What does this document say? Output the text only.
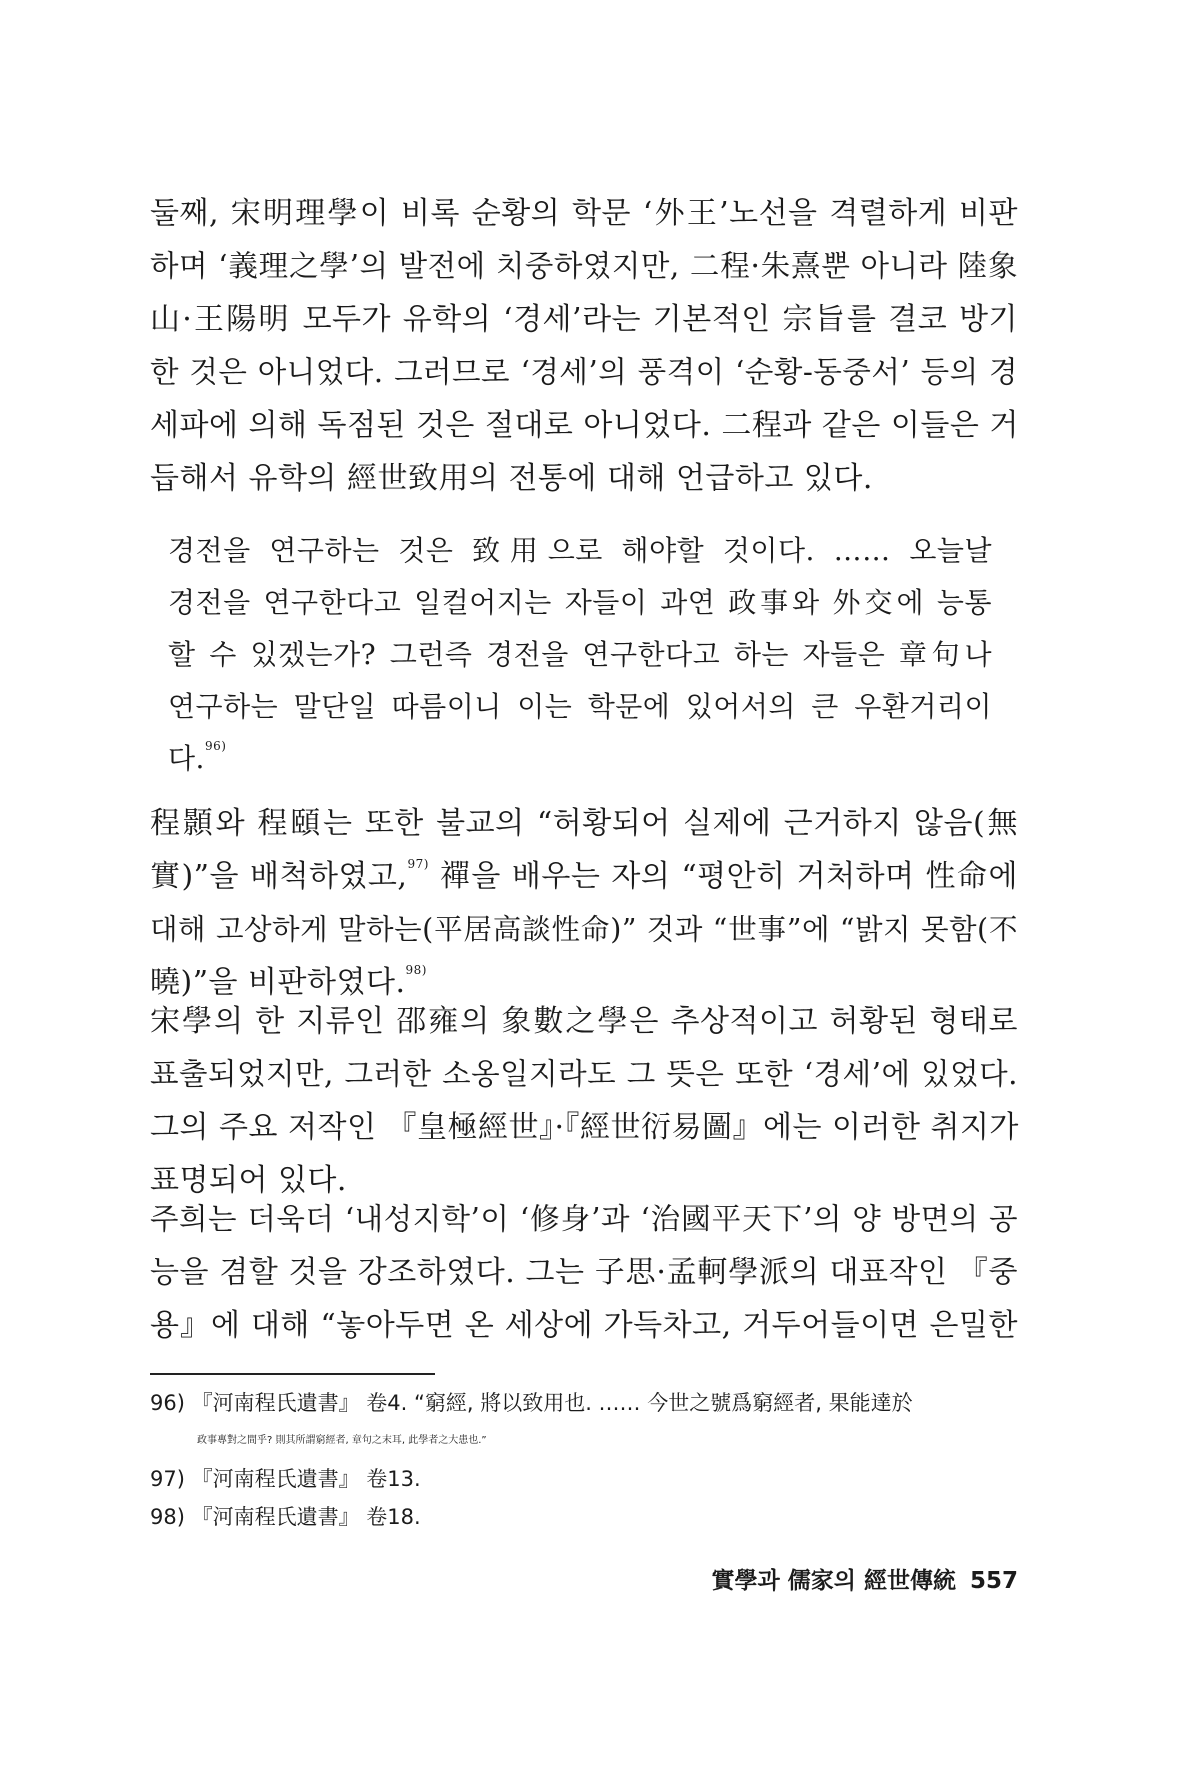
둘째, 宋明理學이 비록 순황의 학문 ‘外王’노선을 격렬하게 비판
하며 ‘義理之學’의 발전에 치중하였지만, 二程·朱熹뿐 아니라 陸象
山·王陽明 모두가 유학의 ‘경세’라는 기본적인 宗旨를 결코 방기
한 것은 아니었다. 그러므로 ‘경세’의 풍격이 ‘순황-동중서’ 등의 경
세파에 의해 독점된 것은 절대로 아니었다. 二程과 같은 이들은 거
듭해서 유학의 經世致用의 전통에 대해 언급하고 있다.
경전을 연구하는 것은 致用으로 해야할 것이다. …… 오늘날
경전을 연구한다고 일컬어지는 자들이 과연 政事와 外交에 능통
할 수 있겠는가? 그런즉 경전을 연구한다고 하는 자들은 章句나
연구하는 말단일 따름이니 이는 학문에 있어서의 큰 우환거리이
다.$^{96)}$
程顥와 程頤는 또한 불교의 “허황되어 실제에 근거하지 않음(無
實)”을 배척하였고,$^{97)}$ 禪을 배우는 자의 “평안히 거처하며 性命에
대해 고상하게 말하는(平居高談性命)” 것과 “世事”에 “밝지 못함(不
曉)”을 비판하였다.$^{98)}$
宋學의 한 지류인 邵雍의 象數之學은 추상적이고 허황된 형태로
표출되었지만, 그러한 소옹일지라도 그 뜻은 또한 ‘경세’에 있었다.
그의 주요 저작인 『皇極經世』·『經世衍易圖』에는 이러한 취지가
표명되어 있다.
주희는 더욱더 ‘내성지학’이 ‘修身’과 ‘治國平天下’의 양 방면의 공
능을 겸할 것을 강조하였다. 그는 子思·孟軻學派의 대표작인 『중
용』에 대해 “놓아두면 온 세상에 가득차고, 거두어들이면 은밀한
96) 『河南程氏遺書』 卷4. “窮經, 將以致用也. …… 今世之號爲窮經者, 果能達於
政事專對之間乎? 則其所謂窮經者, 章句之末耳, 此學者之大患也.”
97) 『河南程氏遺書』 卷13.
98) 『河南程氏遺書』 卷18.
實學과 儒家의 經世傳統 557
